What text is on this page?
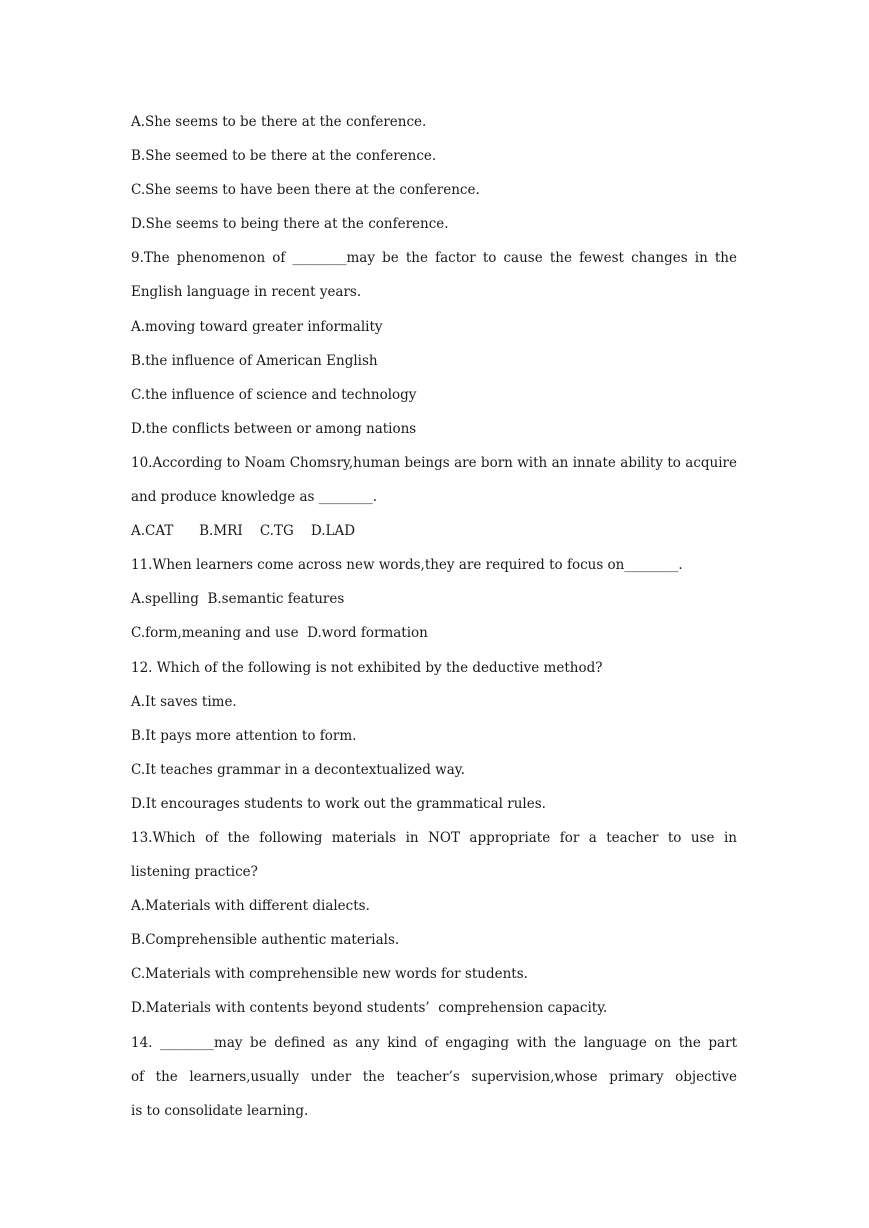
A.She seems to be there at the conference.
B.She seemed to be there at the conference.
C.She seems to have been there at the conference.
D.She seems to being there at the conference.
9.The phenomenon of ________may be the factor to cause the fewest changes in the
English language in recent years.
A.moving toward greater informality
B.the influence of American English
C.the influence of science and technology
D.the conflicts between or among nations
10.According to Noam Chomsry,human beings are born with an innate ability to acquire
and produce knowledge as ________.
A.CAT      B.MRI    C.TG    D.LAD
11.When learners come across new words,they are required to focus on________.
A.spelling  B.semantic features
C.form,meaning and use  D.word formation
12. Which of the following is not exhibited by the deductive method?
A.It saves time.
B.It pays more attention to form.
C.It teaches grammar in a decontextualized way.
D.It encourages students to work out the grammatical rules.
13.Which of the following materials in NOT appropriate for a teacher to use in
listening practice?
A.Materials with different dialects.
B.Comprehensible authentic materials.
C.Materials with comprehensible new words for students.
D.Materials with contents beyond students’  comprehension capacity.
14. ________may be defined as any kind of engaging with the language on the part
of the learners,usually under the teacher’s supervision,whose primary objective
is to consolidate learning.
